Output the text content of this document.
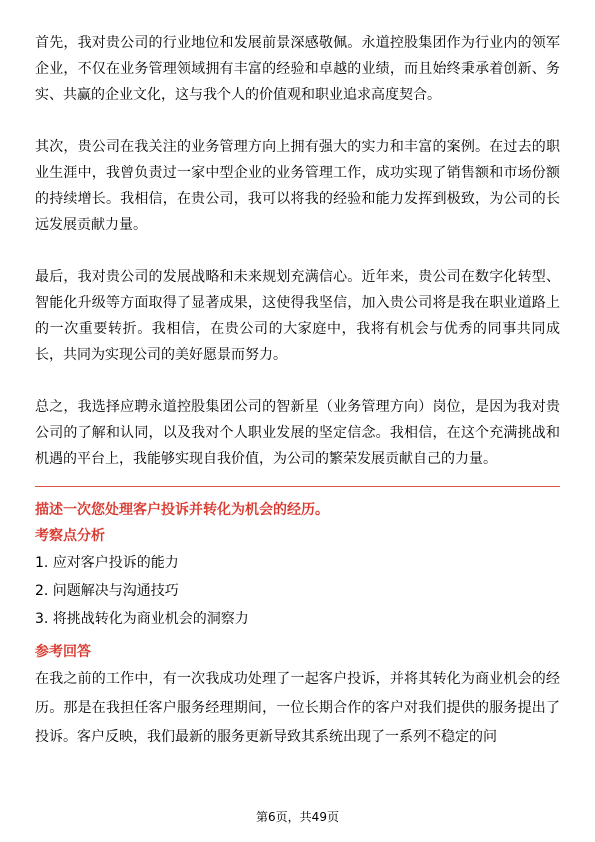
首先，我对贵公司的行业地位和发展前景深感敬佩。永道控股集团作为行业内的领军企业，不仅在业务管理领域拥有丰富的经验和卓越的业绩，而且始终秉承着创新、务实、共赢的企业文化，这与我个人的价值观和职业追求高度契合。

其次，贵公司在我关注的业务管理方向上拥有强大的实力和丰富的案例。在过去的职业生涯中，我曾负责过一家中型企业的业务管理工作，成功实现了销售额和市场份额的持续增长。我相信，在贵公司，我可以将我的经验和能力发挥到极致，为公司的长远发展贡献力量。

最后，我对贵公司的发展战略和未来规划充满信心。近年来，贵公司在数字化转型、智能化升级等方面取得了显著成果，这使得我坚信，加入贵公司将是我在职业道路上的一次重要转折。我相信，在贵公司的大家庭中，我将有机会与优秀的同事共同成长，共同为实现公司的美好愿景而努力。

总之，我选择应聘永道控股集团公司的智新星（业务管理方向）岗位，是因为我对贵公司的了解和认同，以及我对个人职业发展的坚定信念。我相信，在这个充满挑战和机遇的平台上，我能够实现自我价值，为公司的繁荣发展贡献自己的力量。

描述一次您处理客户投诉并转化为机会的经历。

考察点分析

1. 应对客户投诉的能力

2. 问题解决与沟通技巧

3. 将挑战转化为商业机会的洞察力

参考回答

在我之前的工作中，有一次我成功处理了一起客户投诉，并将其转化为商业机会的经历。那是在我担任客户服务经理期间，一位长期合作的客户对我们提供的服务提出了投诉。客户反映，我们最新的服务更新导致其系统出现了一系列不稳定的问

第6页，共49页
